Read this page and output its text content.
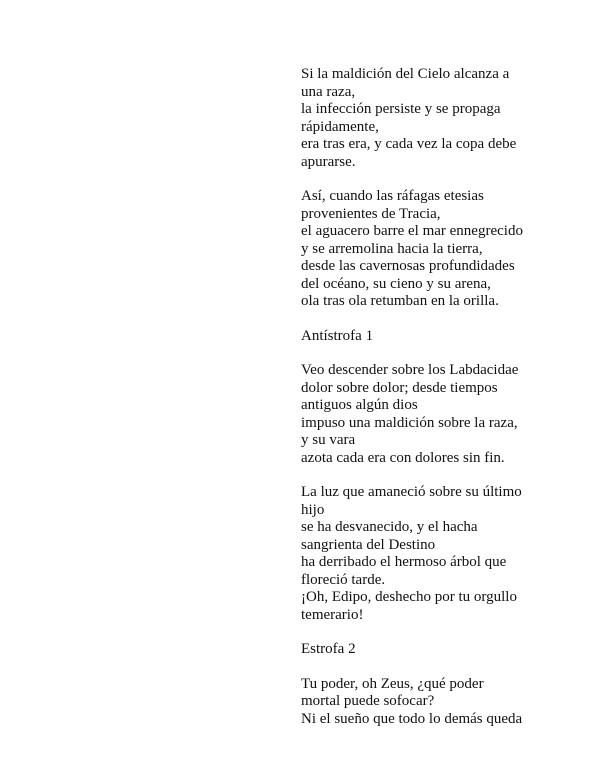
Si la maldición del Cielo alcanza a
una raza,
la infección persiste y se propaga
rápidamente,
era tras era, y cada vez la copa debe
apurarse.
Así, cuando las ráfagas etesias
provenientes de Tracia,
el aguacero barre el mar ennegrecido
y se arremolina hacia la tierra,
desde las cavernosas profundidades
del océano, su cieno y su arena,
ola tras ola retumban en la orilla.
Antístrofa 1
Veo descender sobre los Labdacidae
dolor sobre dolor; desde tiempos
antiguos algún dios
impuso una maldición sobre la raza,
y su vara
azota cada era con dolores sin fin.
La luz que amaneció sobre su último
hijo
se ha desvanecido, y el hacha
sangrienta del Destino
ha derribado el hermoso árbol que
floreció tarde.
¡Oh, Edipo, deshecho por tu orgullo
temerario!
Estrofa 2
Tu poder, oh Zeus, ¿qué poder
mortal puede sofocar?
Ni el sueño que todo lo demás queda
